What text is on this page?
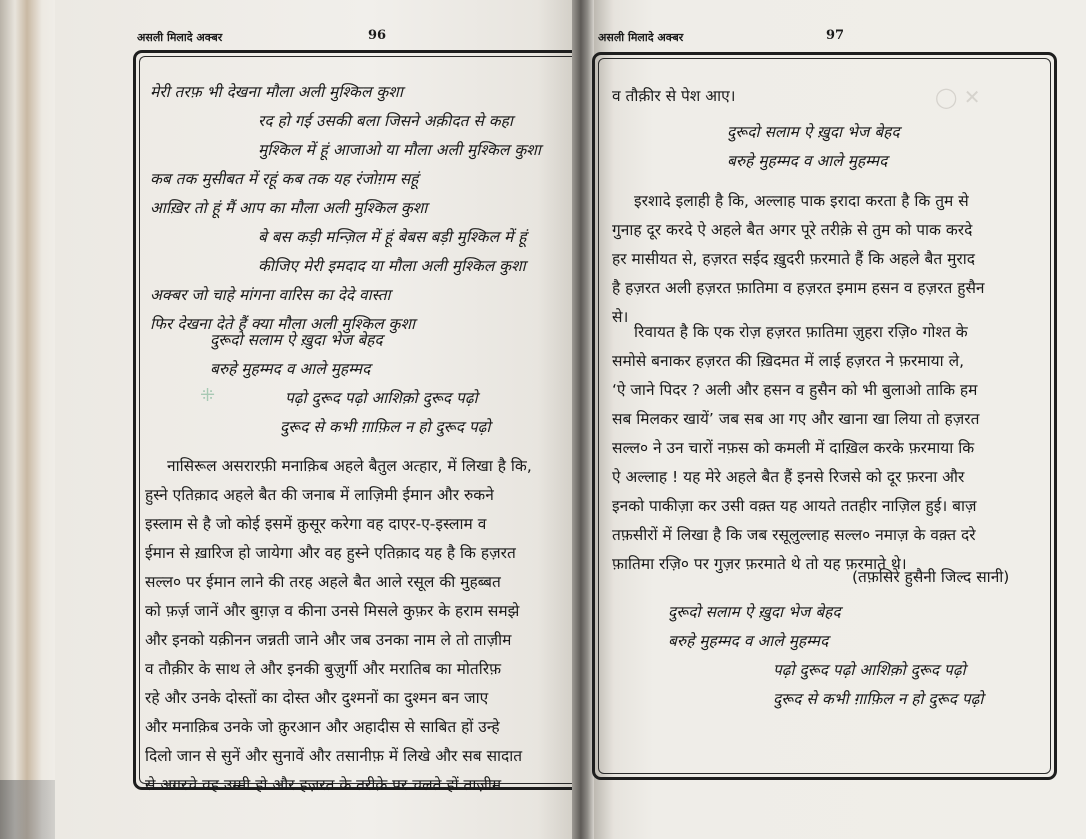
असली मिलादे अक्बर	96
⁜
मेरी तरफ़ भी देखना मौला अली मुश्किल कुशा
रद हो गई उसकी बला जिसने अक़ीदत से कहा
मुश्किल में हूं आजाओ या मौला अली मुश्किल कुशा
कब तक मुसीबत में रहूं कब तक यह रंजोग़म सहूं
आख़िर तो हूं मैं आप का मौला अली मुश्किल कुशा
बे बस कड़ी मन्ज़िल में हूं बेबस बड़ी मुश्किल में हूं
कीजिए मेरी इमदाद या मौला अली मुश्किल कुशा
अक्बर जो चाहे मांगना वारिस का देदे वास्ता
फिर देखना देते हैं क्या मौला अली मुश्किल कुशा
दुरूदो सलाम ऐ ख़ुदा भेज बेहद
बरुहे मुहम्मद व आले मुहम्मद
पढ़ो दुरूद पढ़ो आशिक़ो दुरूद पढ़ो
दुरूद से कभी ग़ाफ़िल न हो दुरूद पढ़ो
नासिरूल असरारफ़ी मनाक़िब अहले बैतुल अत्हार, में लिखा है कि,
हुस्ने एतिक़ाद अहले बैत की जनाब में लाज़िमी ईमान और रुकने
इस्लाम से है जो कोई इसमें क़ुसूर करेगा वह दाएर-ए-इस्लाम व
ईमान से ख़ारिज हो जायेगा और वह हुस्ने एतिक़ाद यह है कि हज़रत
सल्ल० पर ईमान लाने की तरह अहले बैत आले रसूल की मुहब्बत
को फ़र्ज़ जानें और बुग़ज़ व कीना उनसे मिसले कुफ़र के हराम समझे
और इनको यक़ीनन जन्नती जाने और जब उनका नाम ले तो ताज़ीम
व तौक़ीर के साथ ले और इनकी बुज़ुर्गी और मरातिब का मोतरिफ़
रहे और उनके दोस्तों का दोस्त और दुश्मनों का दुश्मन बन जाए
और मनाक़िब उनके जो क़ुरआन और अहादीस से साबित हों उन्हे
दिलो जान से सुनें और सुनावें और तसानीफ़ में लिखे और सब सादात
से अगरचे वह उम्मी हो और हज़रत के तरीक़े पर चलते हों ताज़ीम
असली मिलादे अक्बर	97
◯ ✕
व तौक़ीर से पेश आए।
दुरूदो सलाम ऐ ख़ुदा भेज बेहद
बरुहे मुहम्मद व आले मुहम्मद
इरशादे इलाही है कि, अल्लाह पाक इरादा करता है कि तुम से
गुनाह दूर करदे ऐ अहले बैत अगर पूरे तरीक़े से तुम को पाक करदे
हर मासीयत से, हज़रत सईद ख़ुदरी फ़रमाते हैं कि अहले बैत मुराद
है हज़रत अली हज़रत फ़ातिमा व हज़रत इमाम हसन व हज़रत हुसैन
से।
रिवायत है कि एक रोज़ हज़रत फ़ातिमा ज़ुहरा रज़ि० गोश्त के
समोसे बनाकर हज़रत की ख़िदमत में लाई हज़रत ने फ़रमाया ले,
‘ऐ जाने पिदर ? अली और हसन व हुसैन को भी बुलाओ ताकि हम
सब मिलकर खायें’ जब सब आ गए और खाना खा लिया तो हज़रत
सल्ल० ने उन चारों नफ़स को कमली में दाख़िल करके फ़रमाया कि
ऐ अल्लाह ! यह मेरे अहले बैत हैं इनसे रिजसे को दूर फ़रना और
इनको पाकीज़ा कर उसी वक़्त यह आयते ततहीर नाज़िल हुई। बाज़
तफ़सीरों में लिखा है कि जब रसूलुल्लाह सल्ल० नमाज़ के वक़्त दरे
फ़ातिमा रज़ि० पर गुज़र फ़रमाते थे तो यह फ़रमाते थे।
(तफ़सिरे हुसैनी जिल्द सानी)
दुरूदो सलाम ऐ ख़ुदा भेज बेहद
बरुहे मुहम्मद व आले मुहम्मद
पढ़ो दुरूद पढ़ो आशिक़ो दुरूद पढ़ो
दुरूद से कभी ग़ाफ़िल न हो दुरूद पढ़ो
